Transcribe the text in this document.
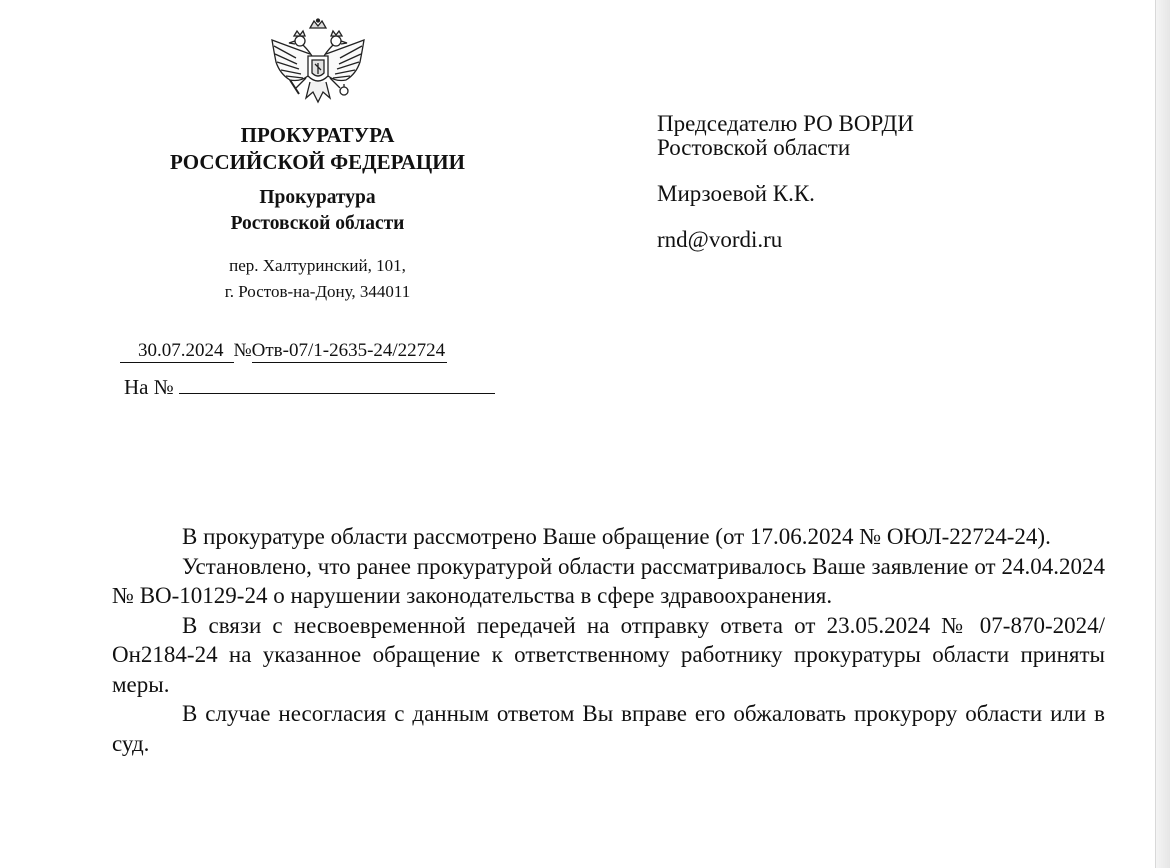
ПРОКУРАТУРА
РОССИЙСКОЙ ФЕДЕРАЦИИ
Прокуратура
Ростовской области
пер. Халтуринский, 101,
г. Ростов-на-Дону, 344011
30.07.2024 №Отв-07/1-2635-24/22724
На №
Председателю РО ВОРДИ
Ростовской области
Мирзоевой К.К.
rnd@vordi.ru

В прокуратуре области рассмотрено Ваше обращение (от 17.06.2024 № ОЮЛ-22724-24).

Установлено, что ранее прокуратурой области рассматривалось Ваше заявление от 24.04.2024 № ВО-10129-24 о нарушении законодательства в сфере здравоохранения.

В связи с несвоевременной передачей на отправку ответа от 23.05.2024 № 07-870-2024/Он2184-24 на указанное обращение к ответственному работнику прокуратуры области приняты меры.

В случае несогласия с данным ответом Вы вправе его обжаловать прокурору области или в суд.
